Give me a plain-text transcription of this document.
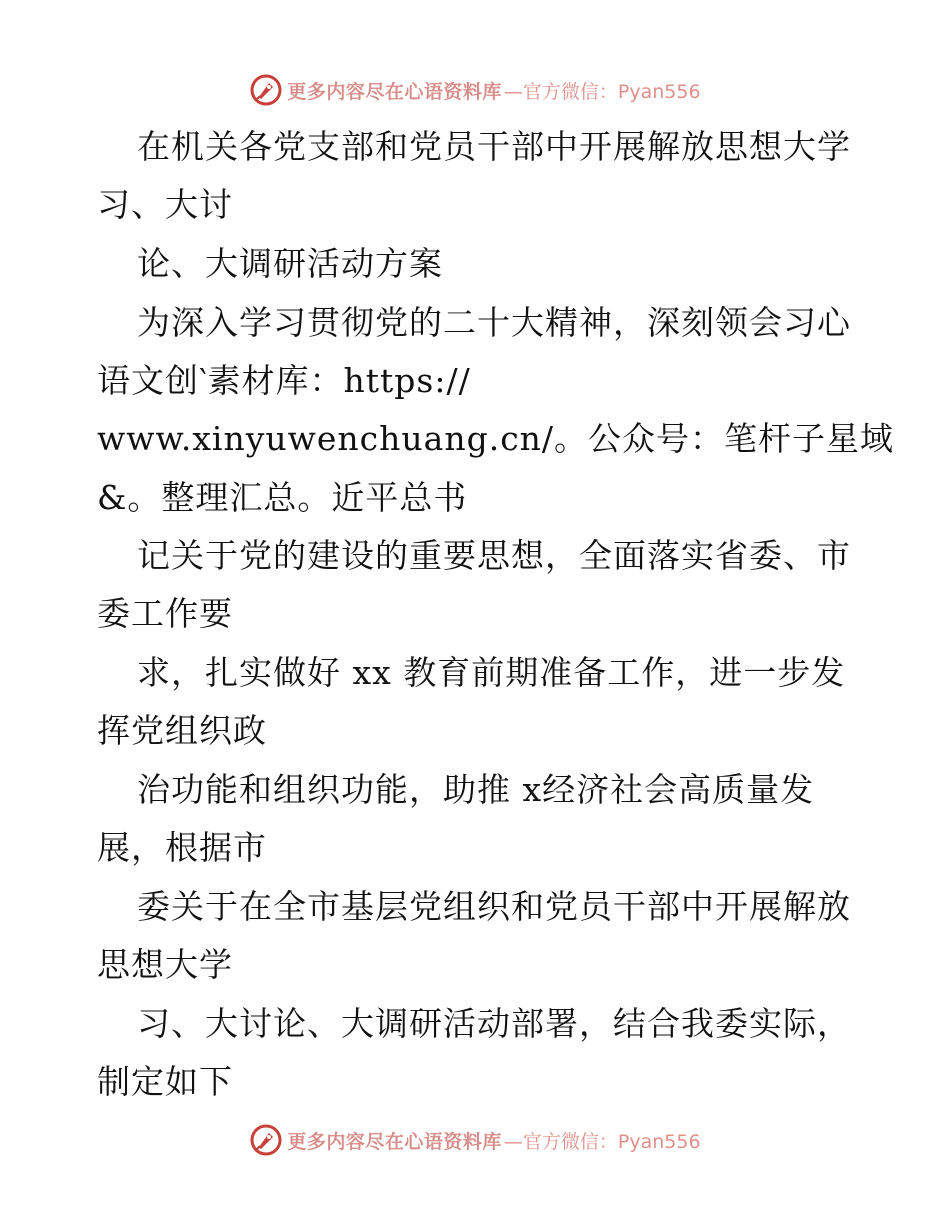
更多内容尽在心语资料库 —官方微信：Pyan556
在机关各党支部和党员干部中开展解放思想大学
习、大讨
论、大调研活动方案
为深入学习贯彻党的二十大精神，深刻领会习心
语文创‵素材库：https://
www.xinyuwenchuang.cn/。公众号：笔杆子星域
&。整理汇总。近平总书
记关于党的建设的重要思想，全面落实省委、市
委工作要
求，扎实做好 xx 教育前期准备工作，进一步发
挥党组织政
治功能和组织功能，助推 x经济社会高质量发
展，根据市
委关于在全市基层党组织和党员干部中开展解放
思想大学
习、大讨论、大调研活动部署，结合我委实际，
制定如下
更多内容尽在心语资料库 —官方微信：Pyan556
